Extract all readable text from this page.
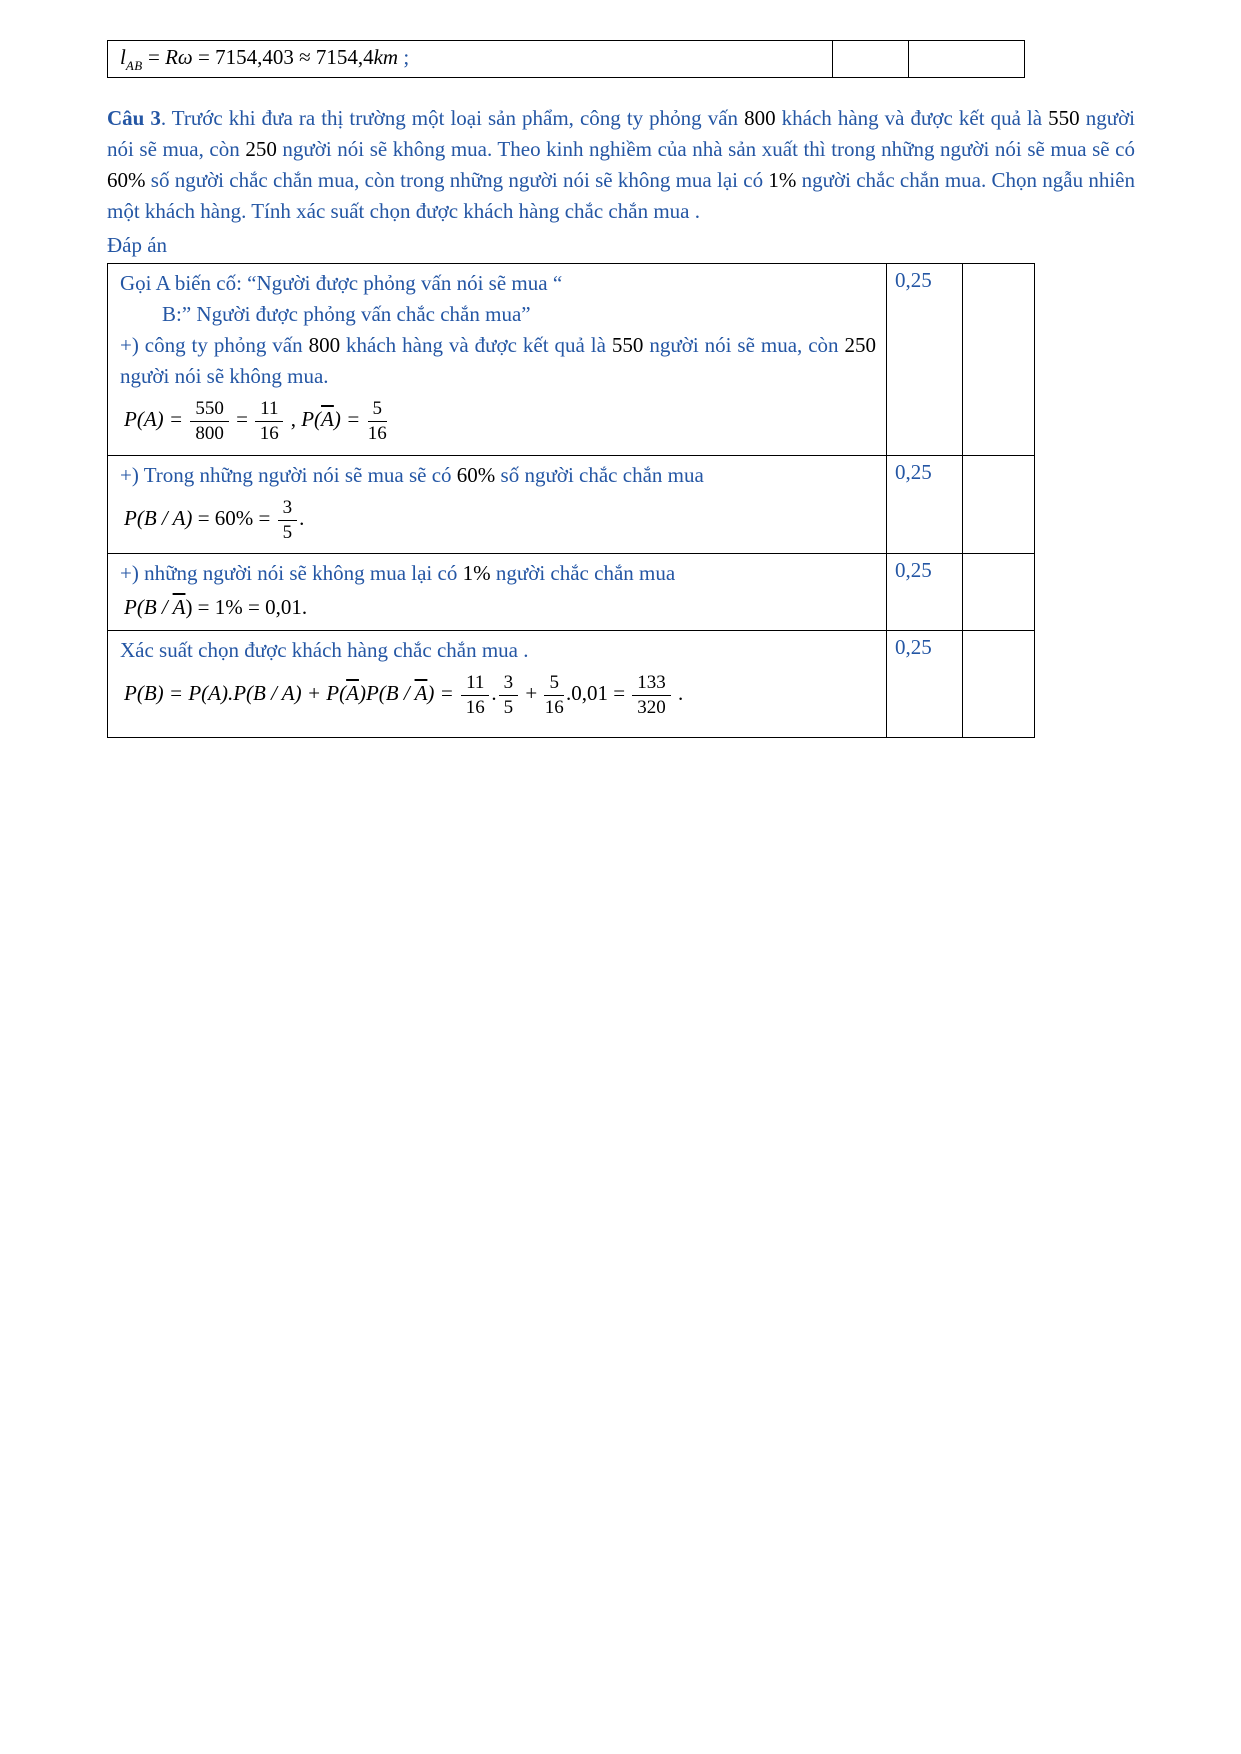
$l_{AB} = R\omega = 7154,403 \approx 7154,4km$ ;

Câu 3. Trước khi đưa ra thị trường một loại sản phẩm, công ty phỏng vấn 800 khách hàng và được kết quả là 550 người nói sẽ mua, còn 250 người nói sẽ không mua. Theo kinh nghiềm của nhà sản xuất thì trong những người nói sẽ mua sẽ có 60% số người chắc chắn mua, còn trong những người nói sẽ không mua lại có 1% người chắc chắn mua. Chọn ngẫu nhiên một khách hàng. Tính xác suất chọn được khách hàng chắc chắn mua .

Đáp án
Gọi A biến cố: “Người được phỏng vấn nói sẽ mua “
B:” Người được phỏng vấn chắc chắn mua”
+) công ty phỏng vấn 800 khách hàng và được kết quả là 550 người nói sẽ mua, còn 250 người nói sẽ không mua.
$P(A) = \frac{550}{800} = \frac{11}{16}$ , $P(\overline{A}) = \frac{5}{16}$
0,25
+) Trong những người nói sẽ mua sẽ có 60% số người chắc chắn mua
$P(B / A) = 60\% = \frac{3}{5}$ .
0,25
+) những người nói sẽ không mua lại có 1% người chắc chắn mua
$P(B / \overline{A}) = 1\% = 0,01$.
0,25
Xác suất chọn được khách hàng chắc chắn mua .
$P(B) = P(A).P(B / A) + P(\overline{A})P(B / \overline{A}) = \frac{11}{16}$ . $\frac{3}{5} + \frac{5}{16} .0,01 = \frac{133}{320}$ .
0,25
